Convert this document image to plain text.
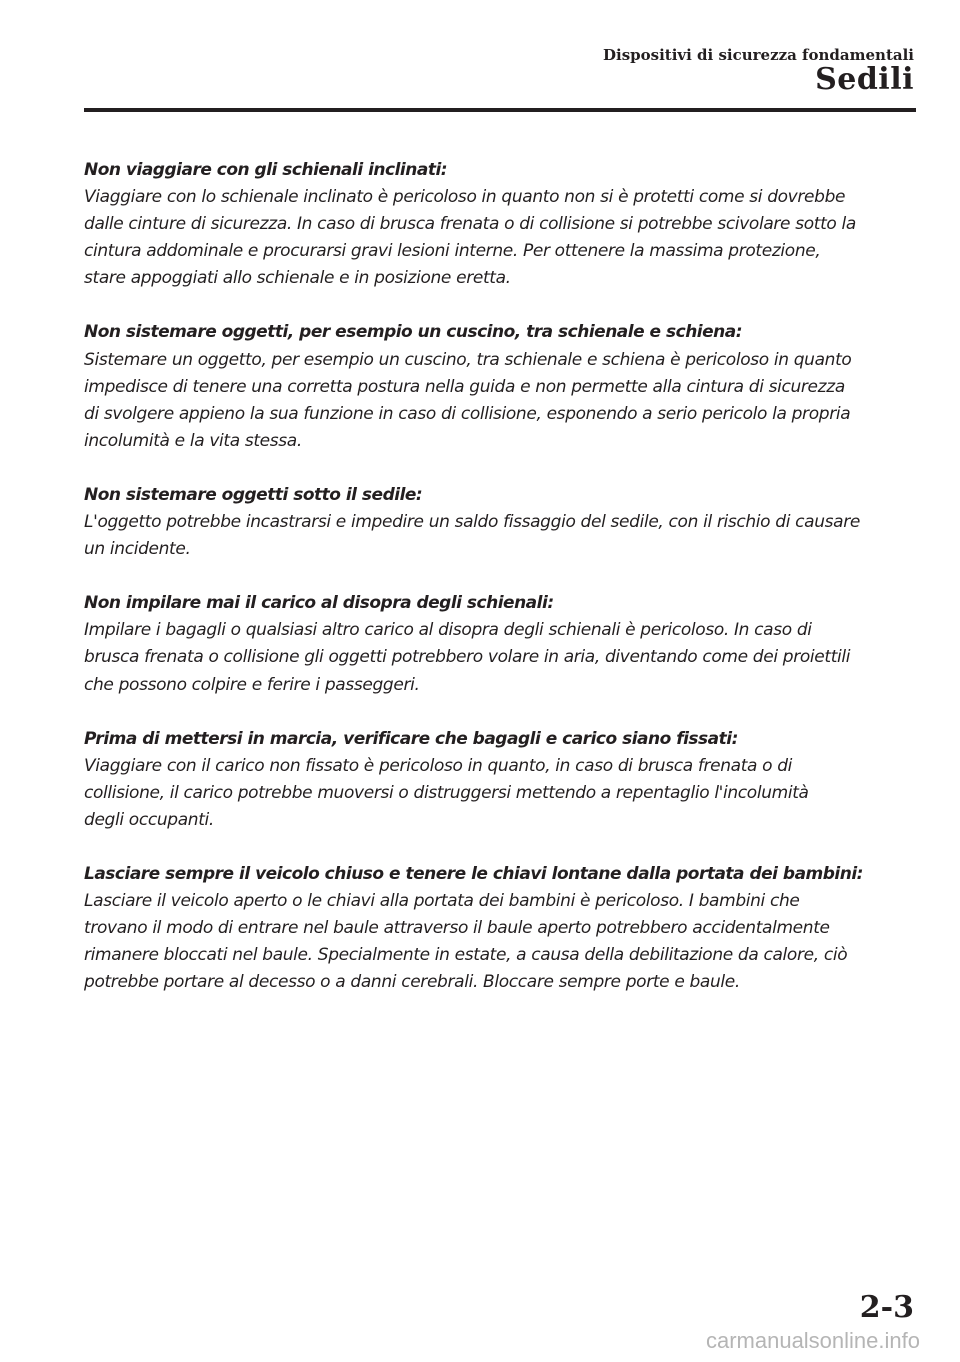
Dispositivi di sicurezza fondamentali
Sedili
Non viaggiare con gli schienali inclinati:
Viaggiare con lo schienale inclinato è pericoloso in quanto non si è protetti come si dovrebbe
dalle cinture di sicurezza. In caso di brusca frenata o di collisione si potrebbe scivolare sotto la
cintura addominale e procurarsi gravi lesioni interne. Per ottenere la massima protezione,
stare appoggiati allo schienale e in posizione eretta.
Non sistemare oggetti, per esempio un cuscino, tra schienale e schiena:
Sistemare un oggetto, per esempio un cuscino, tra schienale e schiena è pericoloso in quanto
impedisce di tenere una corretta postura nella guida e non permette alla cintura di sicurezza
di svolgere appieno la sua funzione in caso di collisione, esponendo a serio pericolo la propria
incolumità e la vita stessa.
Non sistemare oggetti sotto il sedile:
L'oggetto potrebbe incastrarsi e impedire un saldo fissaggio del sedile, con il rischio di causare
un incidente.
Non impilare mai il carico al disopra degli schienali:
Impilare i bagagli o qualsiasi altro carico al disopra degli schienali è pericoloso. In caso di
brusca frenata o collisione gli oggetti potrebbero volare in aria, diventando come dei proiettili
che possono colpire e ferire i passeggeri.
Prima di mettersi in marcia, verificare che bagagli e carico siano fissati:
Viaggiare con il carico non fissato è pericoloso in quanto, in caso di brusca frenata o di
collisione, il carico potrebbe muoversi o distruggersi mettendo a repentaglio l'incolumità
degli occupanti.
Lasciare sempre il veicolo chiuso e tenere le chiavi lontane dalla portata dei bambini:
Lasciare il veicolo aperto o le chiavi alla portata dei bambini è pericoloso. I bambini che
trovano il modo di entrare nel baule attraverso il baule aperto potrebbero accidentalmente
rimanere bloccati nel baule. Specialmente in estate, a causa della debilitazione da calore, ciò
potrebbe portare al decesso o a danni cerebrali. Bloccare sempre porte e baule.
2-3
carmanualsonline.info
